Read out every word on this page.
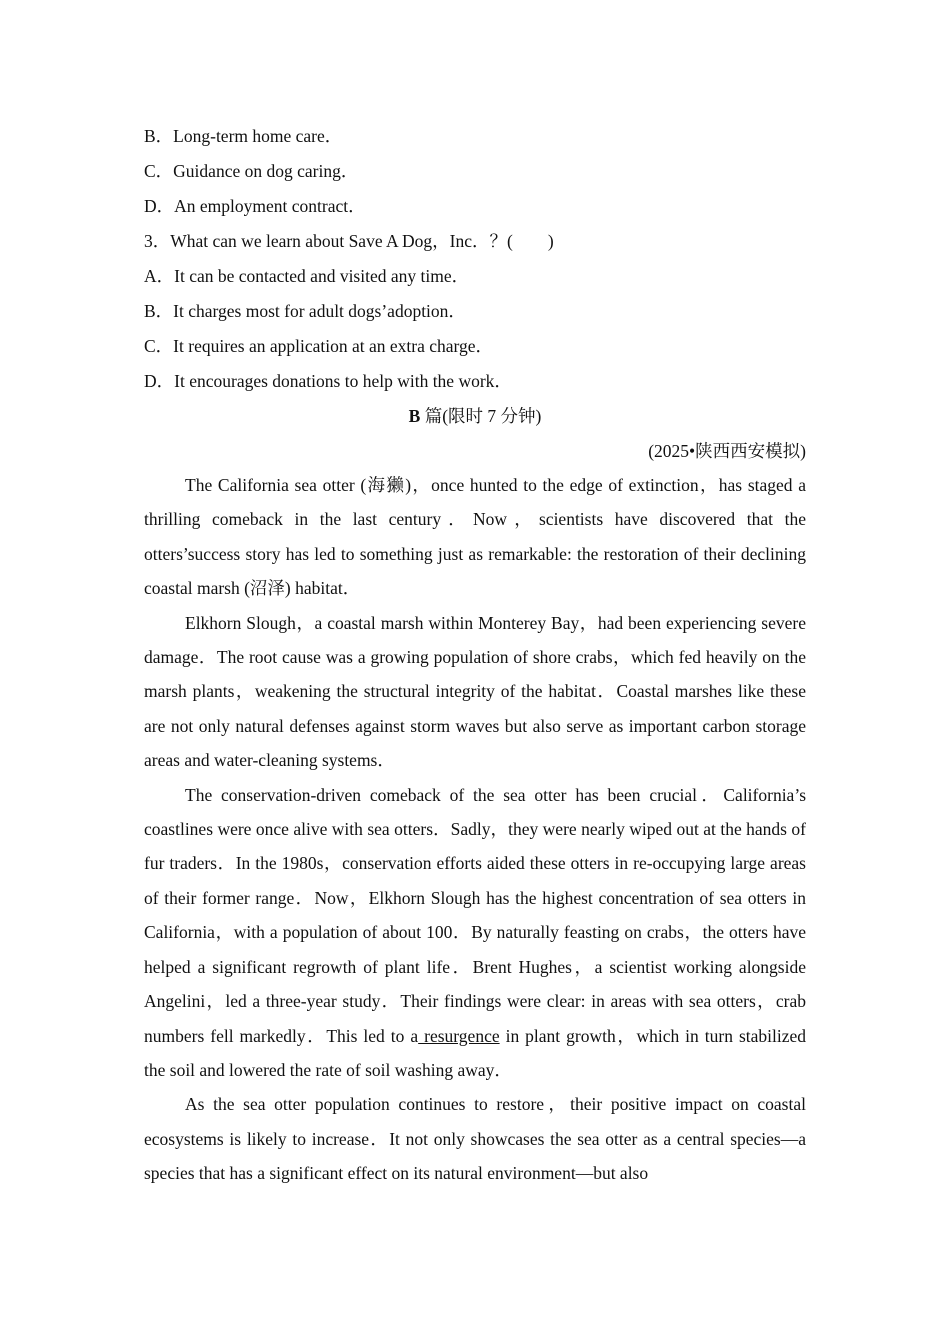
B．Long-term home care．
C．Guidance on dog caring．
D．An employment contract．
3．What can we learn about Save A Dog，Inc．？(　　)
A．It can be contacted and visited any time．
B．It charges most for adult dogs’adoption．
C．It requires an application at an extra charge．
D．It encourages donations to help with the work．
B 篇(限时 7 分钟)
(2025•陕西西安模拟)

The California sea otter (海獭)，once hunted to the edge of extinction，has staged a thrilling comeback in the last century．Now，scientists have discovered that the otters’success story has led to something just as remarkable: the restoration of their declining coastal marsh (沼泽) habitat．

Elkhorn Slough，a coastal marsh within Monterey Bay，had been experiencing severe damage．The root cause was a growing population of shore crabs，which fed heavily on the marsh plants，weakening the structural integrity of the habitat．Coastal marshes like these are not only natural defenses against storm waves but also serve as important carbon storage areas and water-cleaning systems．

The conservation-driven comeback of the sea otter has been crucial．California’s coastlines were once alive with sea otters．Sadly，they were nearly wiped out at the hands of fur traders．In the 1980s，conservation efforts aided these otters in re-occupying large areas of their former range．Now，Elkhorn Slough has the highest concentration of sea otters in California，with a population of about 100．By naturally feasting on crabs，the otters have helped a significant regrowth of plant life．Brent Hughes，a scientist working alongside Angelini，led a three-year study．Their findings were clear: in areas with sea otters，crab numbers fell markedly．This led to a resurgence in plant growth，which in turn stabilized the soil and lowered the rate of soil washing away．

As the sea otter population continues to restore，their positive impact on coastal ecosystems is likely to increase．It not only showcases the sea otter as a central species—a species that has a significant effect on its natural environment—but also
